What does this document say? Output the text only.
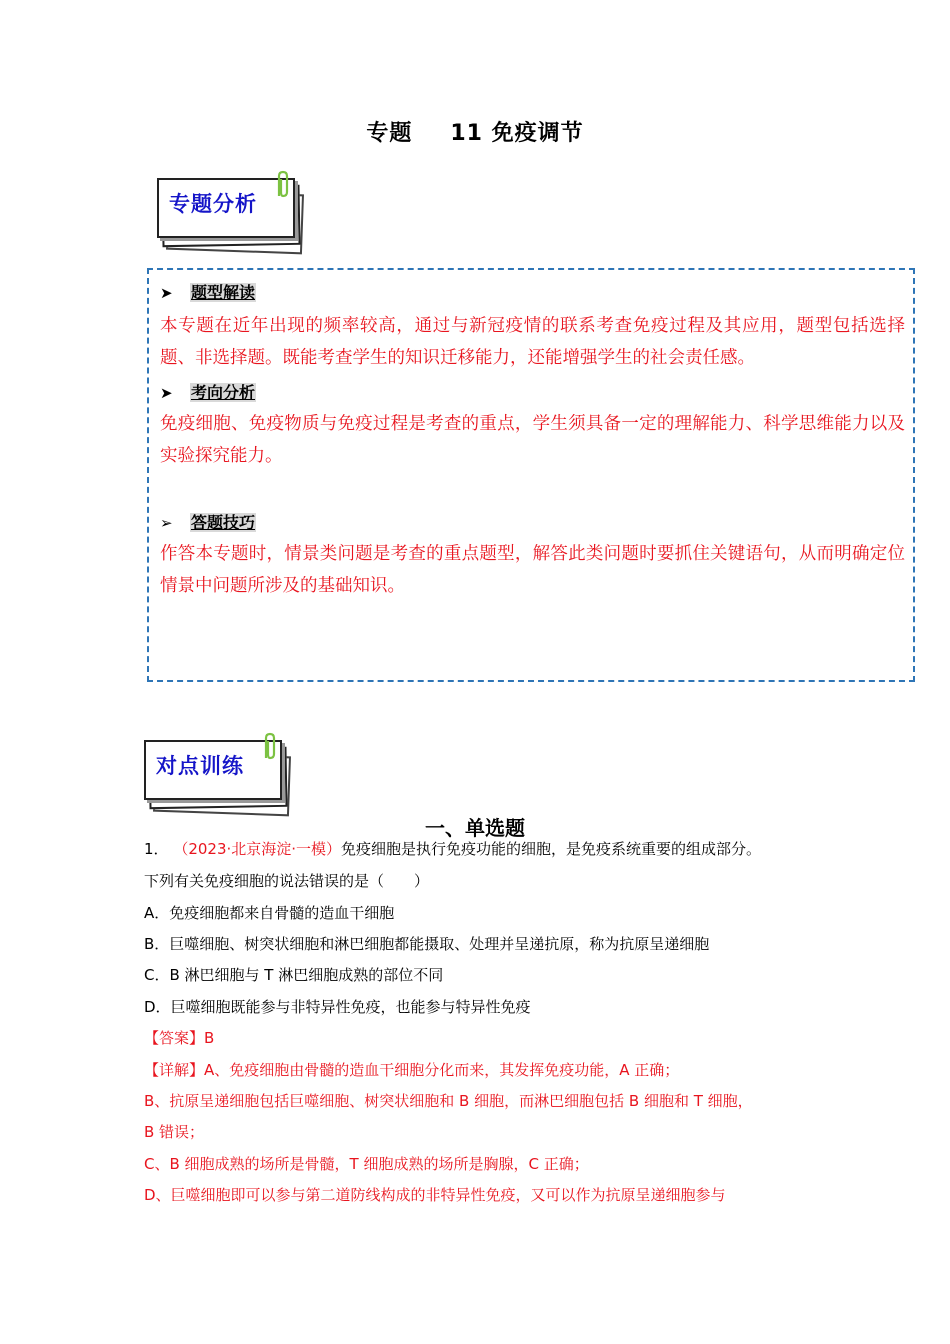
专题 11 免疫调节
专题分析
➤ 题型解读
本专题在近年出现的频率较高，通过与新冠疫情的联系考查免疫过程及其应用，题型包括选择题、非选择题。既能考查学生的知识迁移能力，还能增强学生的社会责任感。
➤ 考向分析
免疫细胞、免疫物质与免疫过程是考查的重点，学生须具备一定的理解能力、科学思维能力以及实验探究能力。
➢ 答题技巧
作答本专题时，情景类问题是考查的重点题型，解答此类问题时要抓住关键语句，从而明确定位情景中问题所涉及的基础知识。
对点训练
一、单选题
1． （2023·北京海淀·一模）免疫细胞是执行免疫功能的细胞，是免疫系统重要的组成部分。
下列有关免疫细胞的说法错误的是（　　）
A．免疫细胞都来自骨髓的造血干细胞
B．巨噬细胞、树突状细胞和淋巴细胞都能摄取、处理并呈递抗原，称为抗原呈递细胞
C．B 淋巴细胞与 T 淋巴细胞成熟的部位不同
D．巨噬细胞既能参与非特异性免疫，也能参与特异性免疫
【答案】B
【详解】A、免疫细胞由骨髓的造血干细胞分化而来，其发挥免疫功能，A 正确；
B、抗原呈递细胞包括巨噬细胞、树突状细胞和 B 细胞，而淋巴细胞包括 B 细胞和 T 细胞，
B 错误；
C、B 细胞成熟的场所是骨髓，T 细胞成熟的场所是胸腺，C 正确；
D、巨噬细胞即可以参与第二道防线构成的非特异性免疫，又可以作为抗原呈递细胞参与
